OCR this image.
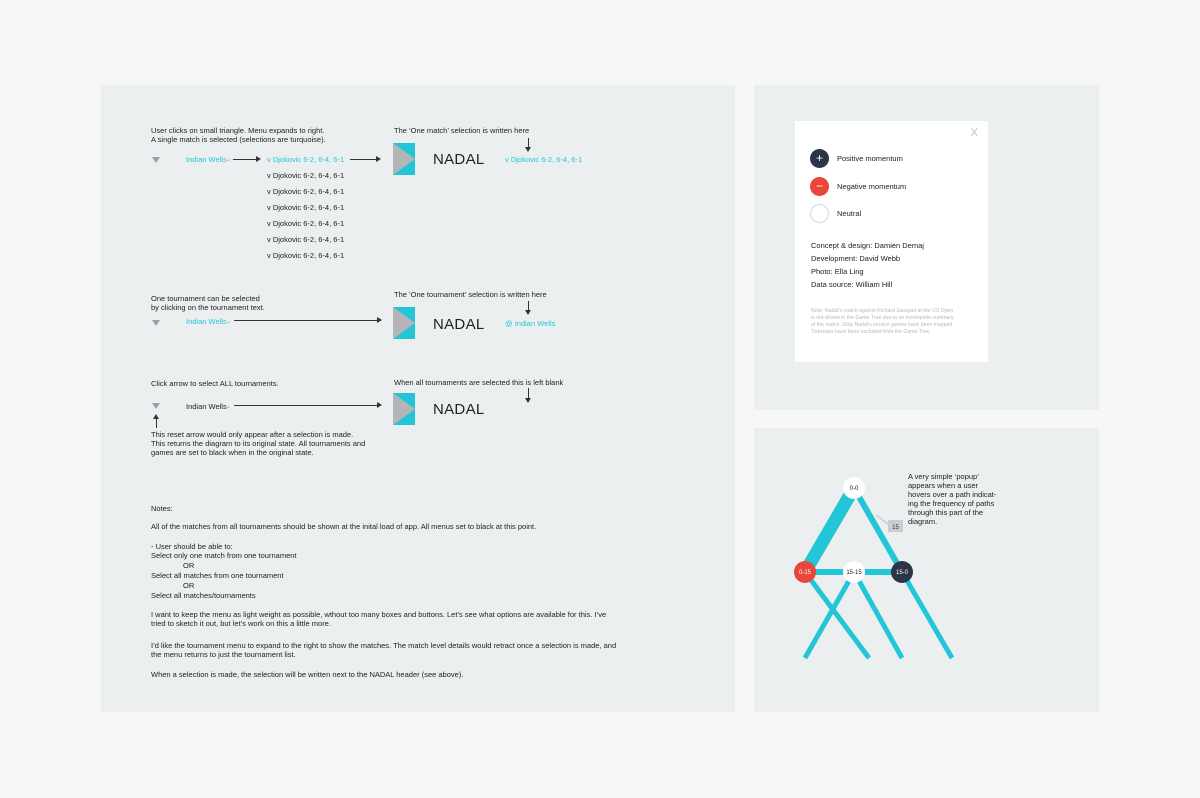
User clicks on small triangle. Menu expands to right.
A single match is selected (selections are turquoise).
Indian Wells ⌄	v Djokovic 6-2, 6-4, 6-1
v Djokovic 6-2, 6-4, 6-1
v Djokovic 6-2, 6-4, 6-1
v Djokovic 6-2, 6-4, 6-1
v Djokovic 6-2, 6-4, 6-1
v Djokovic 6-2, 6-4, 6-1
v Djokovic 6-2, 6-4, 6-1
The ‘One match’ selection is written here
NADAL	v Djokovic 6-2, 6-4, 6-1
One tournament can be selected
by clicking on the tournament text.
Indian Wells ⌄
The ‘One tournament’ selection is written here
NADAL	@ Indian Wells
Click arrow to select ALL tournaments.
Indian Wells ⌄
When all tournaments are selected this is left blank
NADAL
This reset arrow would only appear after a selection is made.
This returns the diagram to its original state. All tournaments and
games are set to black when in the original state.
Notes:
All of the matches from all tournaments should be shown at the inital load of app. All menus set to black at this point.
- User should be able to:
Select only one match from one tournament
OR
Select all matches from one tournament
OR
Select all matches/tournaments
I want to keep the menu as light weight as possible, wthout too many boxes and buttons. Let’s see what options are available for this. I’ve
tried to sketch it out, but let’s work on this a little more.
I’d like the tournament menu to expand to the right to show the matches. The match level details would retract once a selection is made, and
the menu returns to just the tournament list.
When a selection is made, the selection will be written next to the NADAL header (see above).
X
+	Positive momentum
−	Negative momentum
Neutral
Concept & design: Damien Demaj
Development: David Webb
Photo: Ella Ling
Data source: William Hill
Note: Nadal's match against Richard Gasquet at the US Open
is not shown in the Game Tree due to an incomplete summary
of the match. Only Nadal's service games have been mapped.
Tiebreaks have been excluded from the Game Tree.
15
0-0
0-15	15-15	15-0
A very simple ‘popup’
appears when a user
hovers over a path indicat-
ing the frequency of paths
through this part of the
diagram.
